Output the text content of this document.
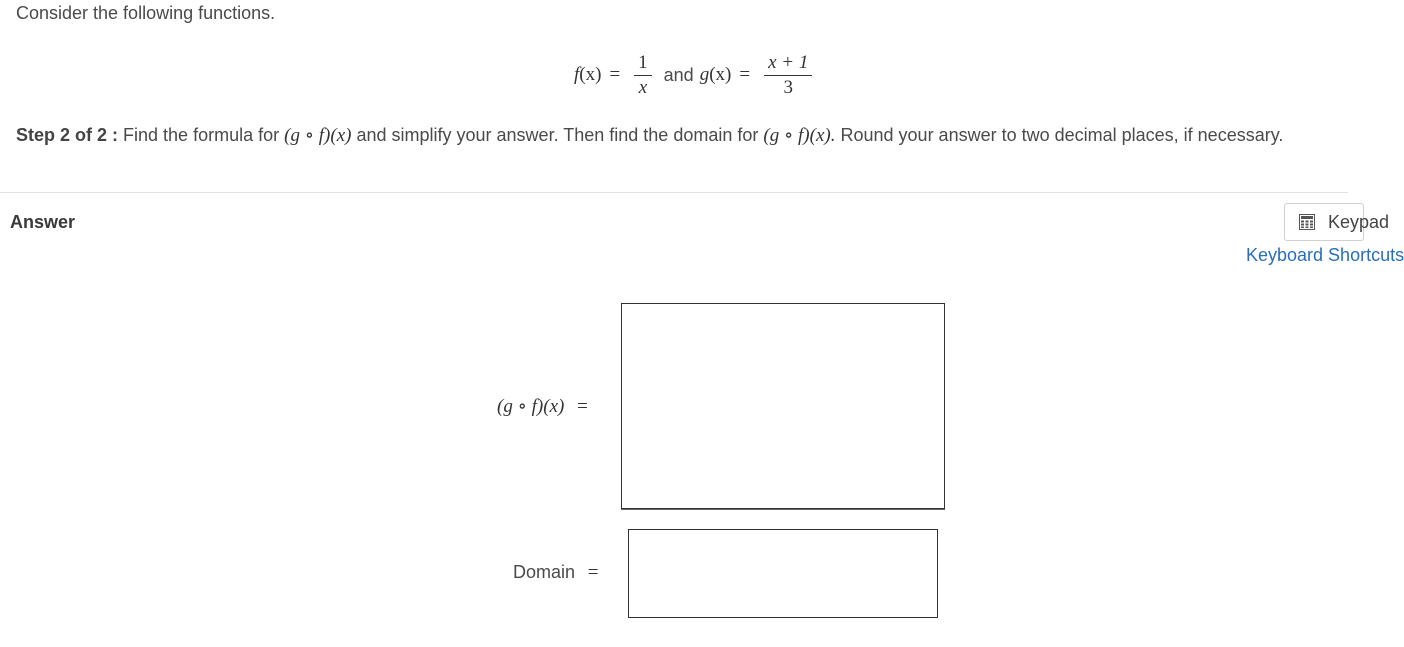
Consider the following functions.
f $(x) = \frac{1}{x}$ and g $(x) = \frac{x + 1}{3}$
Step 2 of 2 : Find the formula for (g ∘ f)(x) and simplify your answer. Then find the domain for (g ∘ f)(x). Round your answer to two decimal places, if necessary.
Answer	Keypad
Keyboard Shortcuts
(g ∘ f)(x) =
Domain =
